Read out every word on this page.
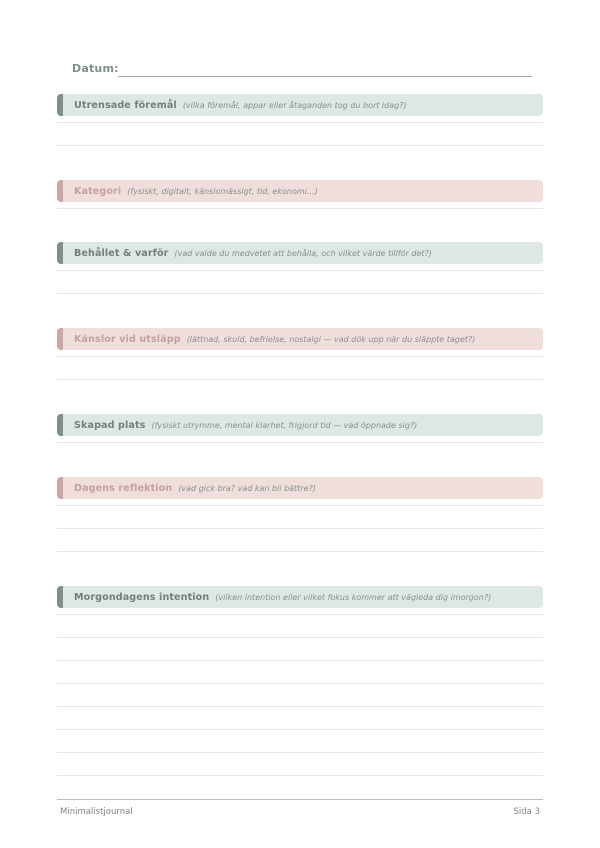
Datum:
Utrensade föremål (vilka föremål, appar eller åtaganden tog du bort idag?)
Kategori (fysiskt, digitalt, känslomässigt, tid, ekonomi...)
Behållet & varför (vad valde du medvetet att behålla, och vilket värde tillför det?)
Känslor vid utsläpp (lättnad, skuld, befrielse, nostalgi — vad dök upp när du släppte taget?)
Skapad plats (fysiskt utrymme, mental klarhet, frigjord tid — vad öppnade sig?)
Dagens reflektion (vad gick bra? vad kan bli bättre?)
Morgondagens intention (vilken intention eller vilket fokus kommer att vägleda dig imorgon?)
Minimalistjournal	Sida 3
